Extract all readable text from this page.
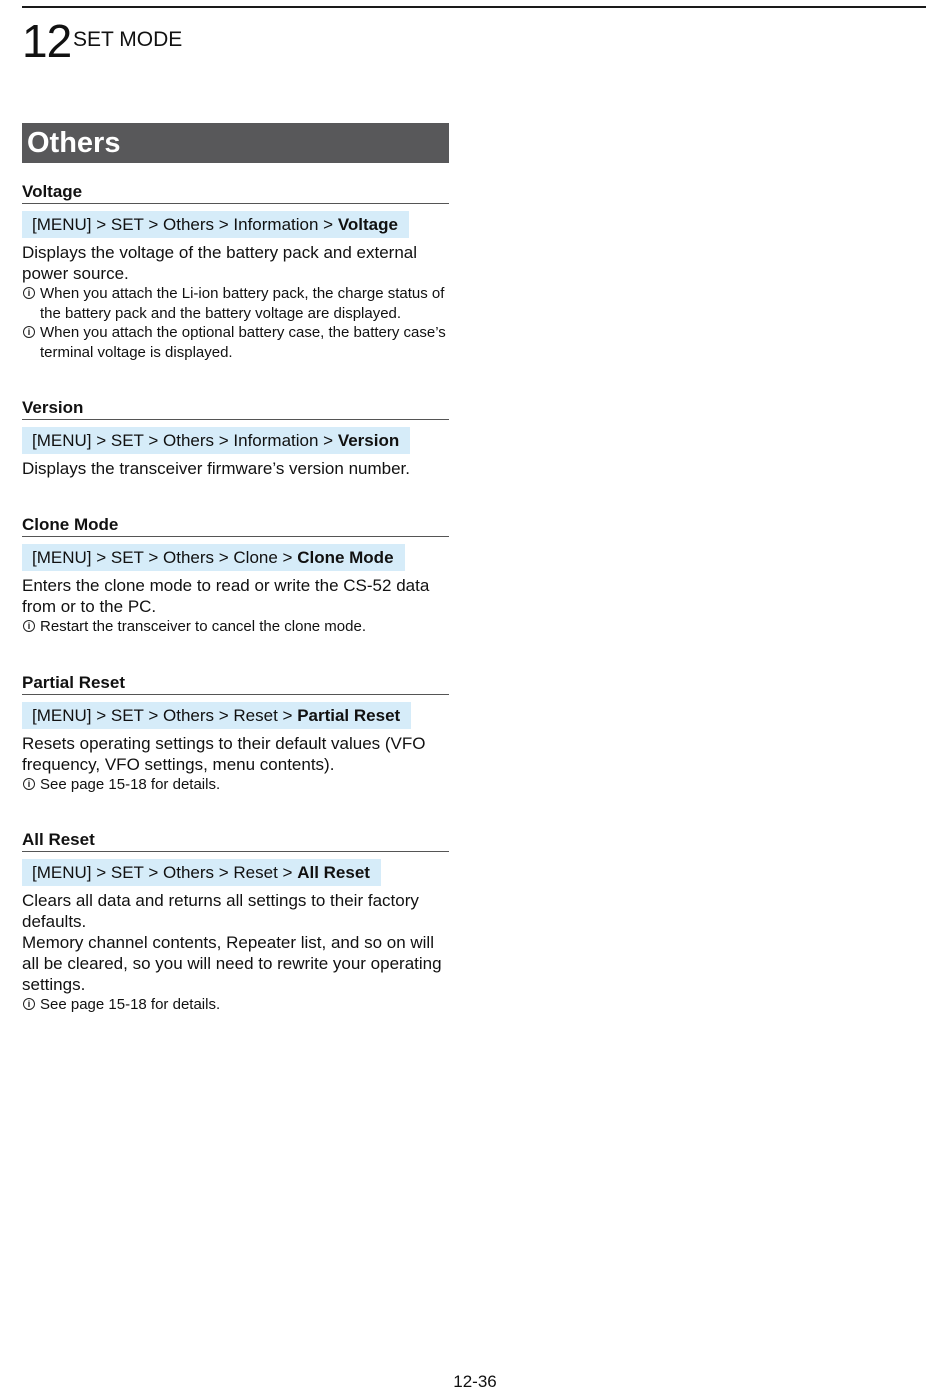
12 SET MODE
Others
Voltage
[MENU] > SET > Others > Information > Voltage
Displays the voltage of the battery pack and external power source.
i When you attach the Li-ion battery pack, the charge status of the battery pack and the battery voltage are displayed.
i When you attach the optional battery case, the battery case’s terminal voltage is displayed.
Version
[MENU] > SET > Others > Information > Version
Displays the transceiver firmware’s version number.
Clone Mode
[MENU] > SET > Others > Clone > Clone Mode
Enters the clone mode to read or write the CS-52 data from or to the PC.
i Restart the transceiver to cancel the clone mode.
Partial Reset
[MENU] > SET > Others > Reset > Partial Reset
Resets operating settings to their default values (VFO frequency, VFO settings, menu contents).
i See page 15-18 for details.
All Reset
[MENU] > SET > Others > Reset > All Reset
Clears all data and returns all settings to their factory defaults.
Memory channel contents, Repeater list, and so on will all be cleared, so you will need to rewrite your operating settings.
i See page 15-18 for details.
12-36
